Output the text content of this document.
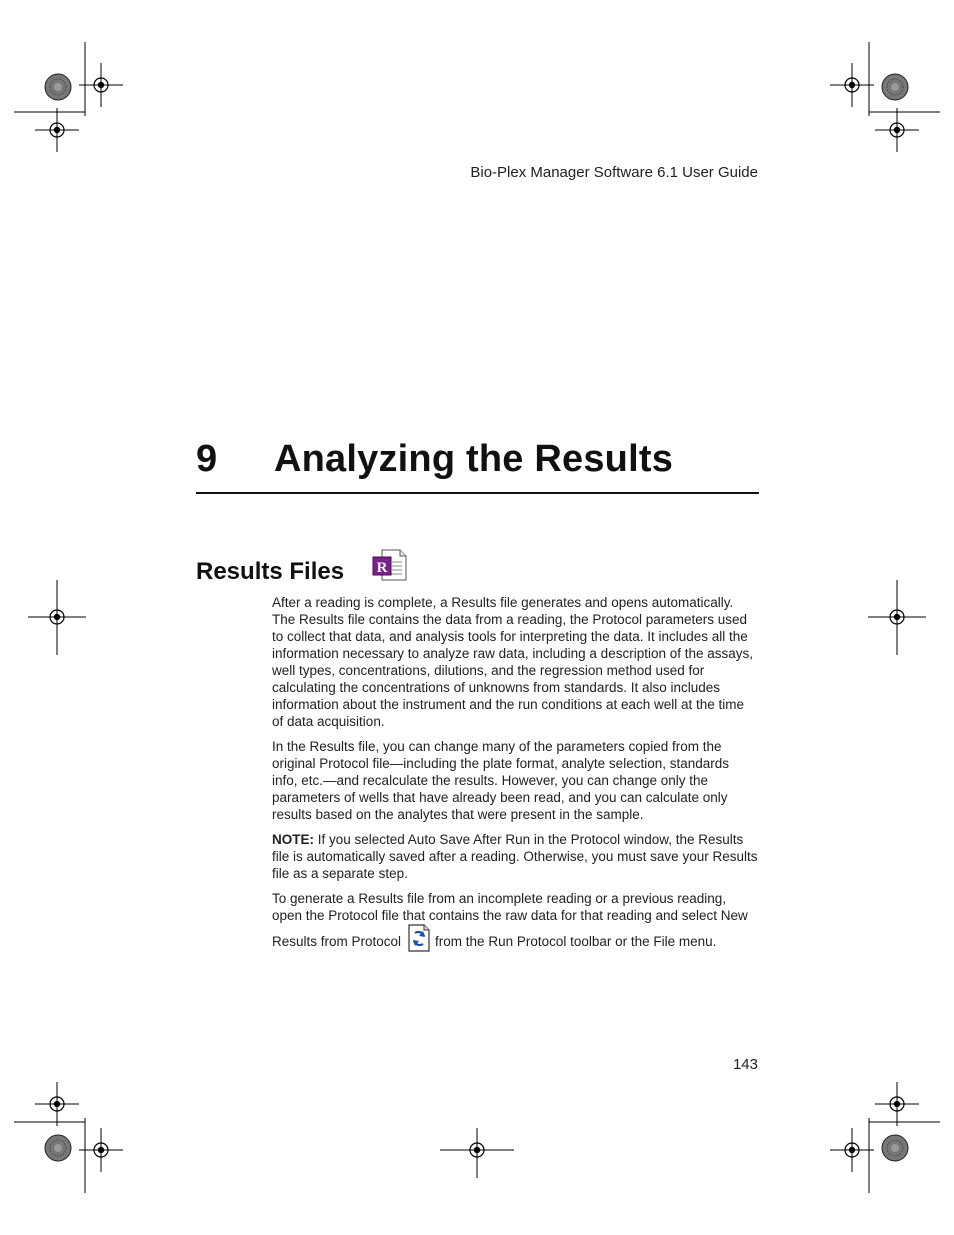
Bio-Plex Manager Software 6.1 User Guide
9 Analyzing the Results
Results Files R

After a reading is complete, a Results file generates and opens automatically. The Results file contains the data from a reading, the Protocol parameters used to collect that data, and analysis tools for interpreting the data. It includes all the information necessary to analyze raw data, including a description of the assays, well types, concentrations, dilutions, and the regression method used for calculating the concentrations of unknowns from standards. It also includes information about the instrument and the run conditions at each well at the time of data acquisition.

In the Results file, you can change many of the parameters copied from the original Protocol file—including the plate format, analyte selection, standards info, etc.—and recalculate the results. However, you can change only the parameters of wells that have already been read, and you can calculate only results based on the analytes that were present in the sample.

NOTE: If you selected Auto Save After Run in the Protocol window, the Results file is automatically saved after a reading. Otherwise, you must save your Results file as a separate step.

To generate a Results file from an incomplete reading or a previous reading, open the Protocol file that contains the raw data for that reading and select New Results from Protocol	from the Run Protocol toolbar or the File menu.

143
